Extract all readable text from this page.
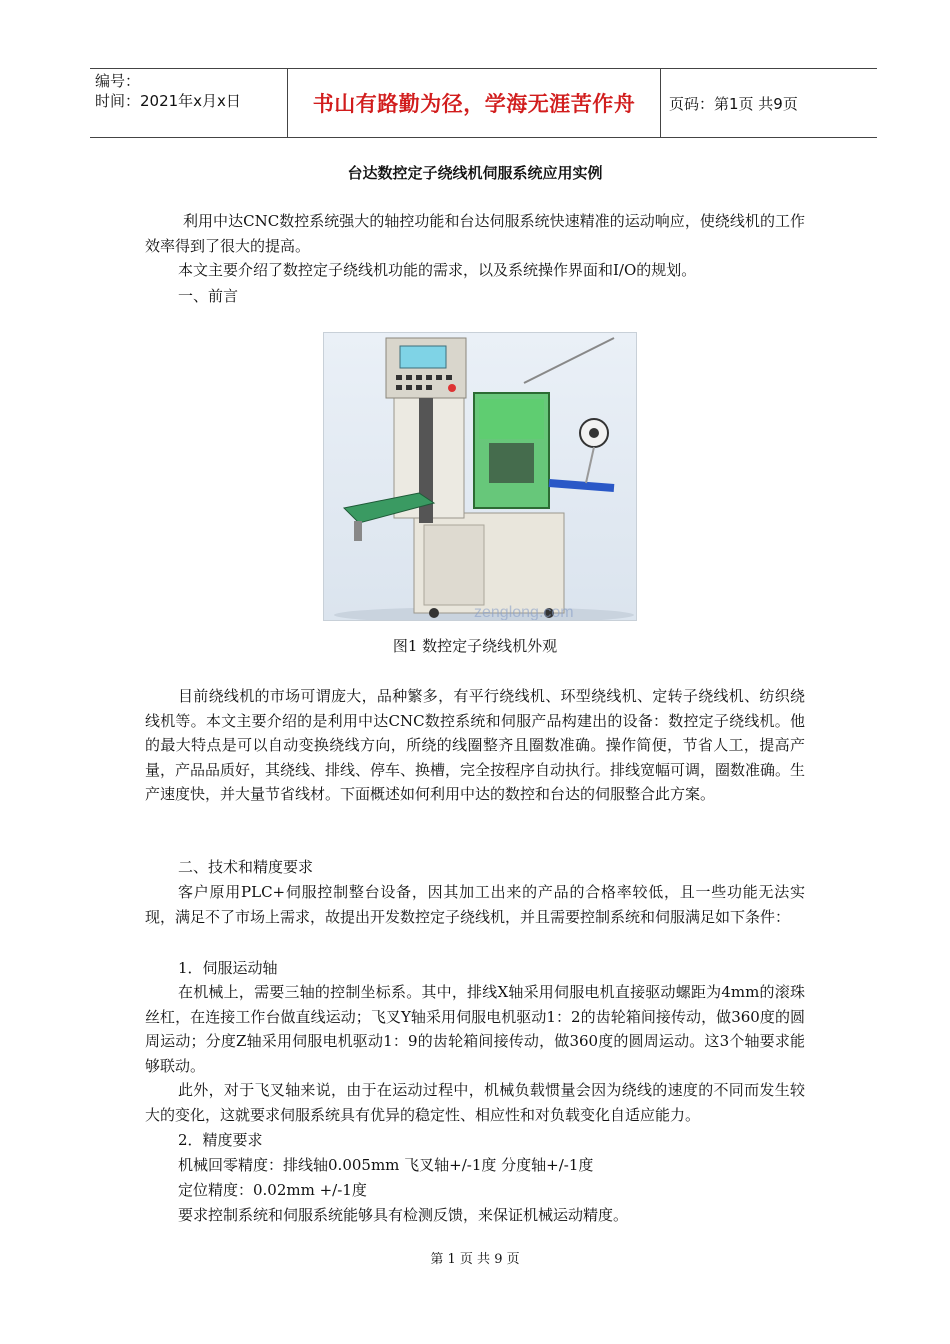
编号：
时间：2021年x月x日	书山有路勤为径，学海无涯苦作舟	页码：第1页 共9页
台达数控定子绕线机伺服系统应用实例
利用中达CNC数控系统强大的轴控功能和台达伺服系统快速精准的运动响应，使绕线机的工作效率得到了很大的提高。
本文主要介绍了数控定子绕线机功能的需求，以及系统操作界面和I/O的规划。
一、前言
zenglong.com
图1 数控定子绕线机外观
目前绕线机的市场可谓庞大，品种繁多，有平行绕线机、环型绕线机、定转子绕线机、纺织绕线机等。本文主要介绍的是利用中达CNC数控系统和伺服产品构建出的设备：数控定子绕线机。他的最大特点是可以自动变换绕线方向，所绕的线圈整齐且圈数准确。操作简便，节省人工，提高产量，产品品质好，其绕线、排线、停车、换槽，完全按程序自动执行。排线宽幅可调，圈数准确。生产速度快，并大量节省线材。下面概述如何利用中达的数控和台达的伺服整合此方案。
二、技术和精度要求
客户原用PLC+伺服控制整台设备，因其加工出来的产品的合格率较低，且一些功能无法实现，满足不了市场上需求，故提出开发数控定子绕线机，并且需要控制系统和伺服满足如下条件：
1．伺服运动轴
在机械上，需要三轴的控制坐标系。其中，排线X轴采用伺服电机直接驱动螺距为4mm的滚珠丝杠，在连接工作台做直线运动；飞叉Y轴采用伺服电机驱动1：2的齿轮箱间接传动，做360度的圆周运动；分度Z轴采用伺服电机驱动1：9的齿轮箱间接传动，做360度的圆周运动。这3个轴要求能够联动。
此外，对于飞叉轴来说，由于在运动过程中，机械负载惯量会因为绕线的速度的不同而发生较大的变化，这就要求伺服系统具有优异的稳定性、相应性和对负载变化自适应能力。
2．精度要求
机械回零精度：排线轴0.005mm 飞叉轴+/-1度 分度轴+/-1度
定位精度：0.02mm +/-1度
要求控制系统和伺服系统能够具有检测反馈，来保证机械运动精度。
第 1 页 共 9 页
